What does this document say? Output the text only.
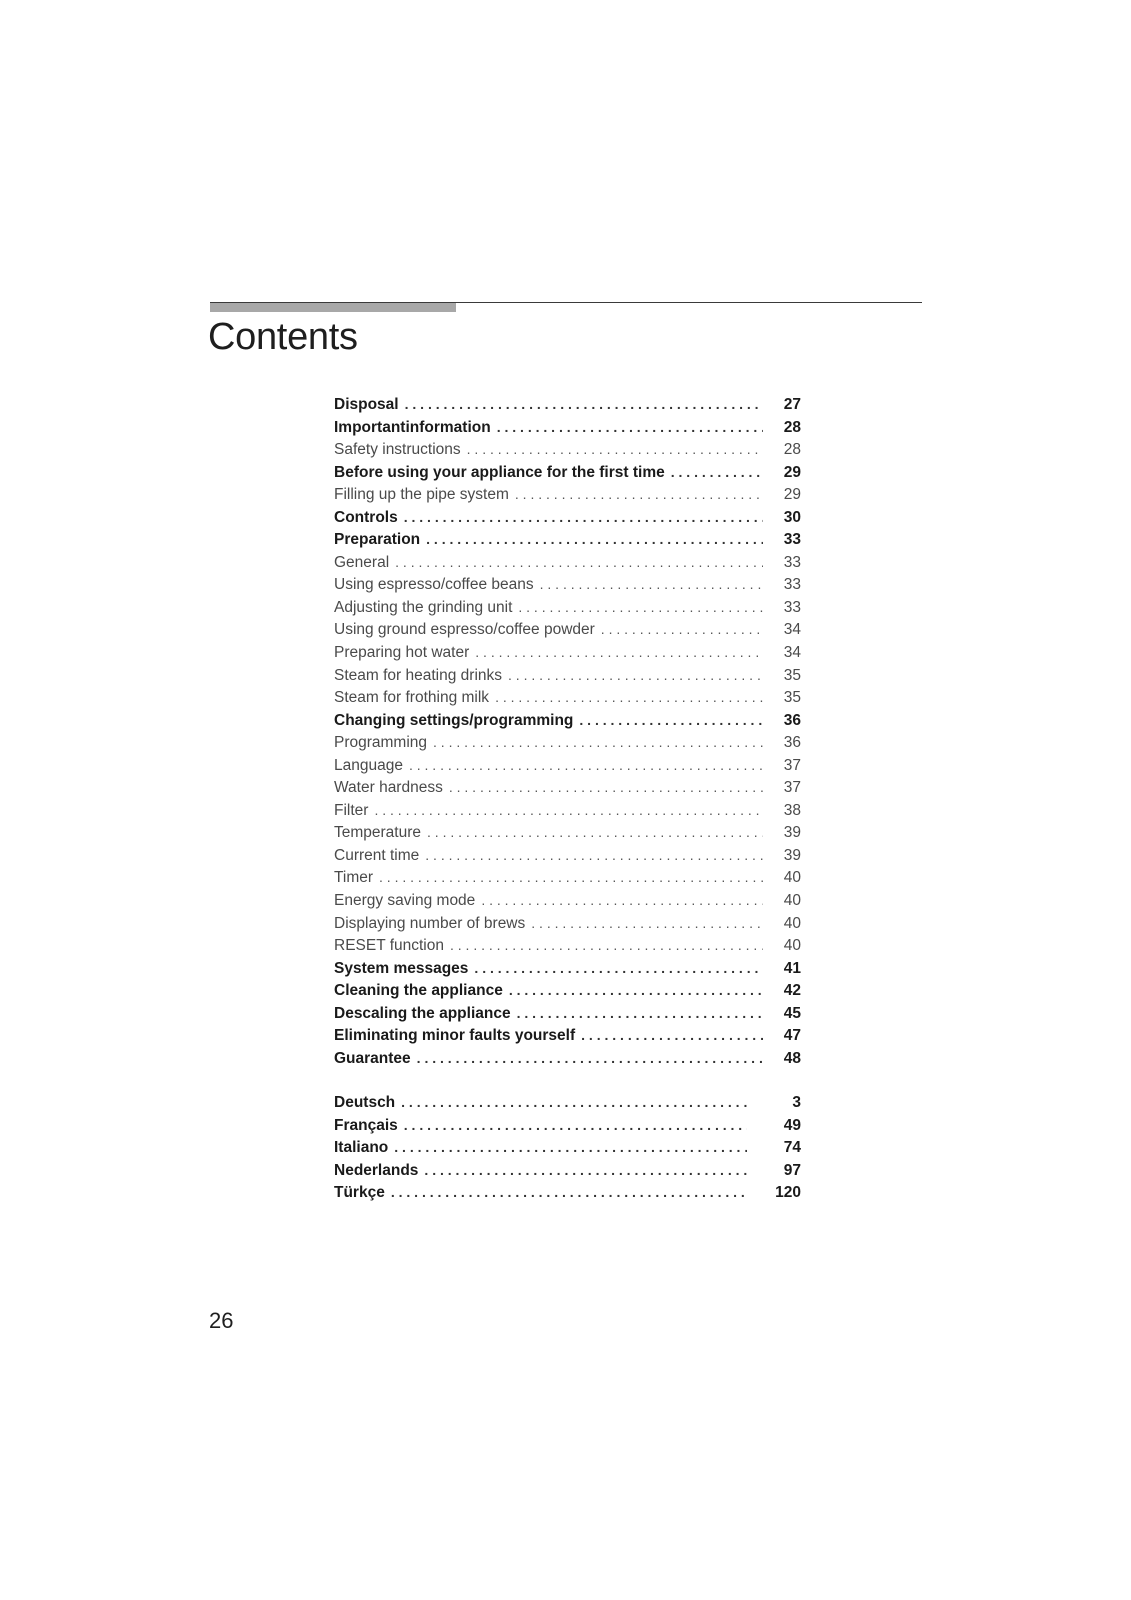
Contents
Disposal . . .	27
Importantinformation . . .	28
Safety instructions . . .	28
Before using your appliance for the first time . . .	29
Filling up the pipe system . . .	29
Controls . . .	30
Preparation . . .	33
General . . .	33
Using espresso/coffee beans . . .	33
Adjusting the grinding unit . . .	33
Using ground espresso/coffee powder . . .	34
Preparing hot water . . .	34
Steam for heating drinks . . .	35
Steam for frothing milk . . .	35
Changing settings/programming . . .	36
Programming . . .	36
Language . . .	37
Water hardness . . .	37
Filter . . .	38
Temperature . . .	39
Current time . . .	39
Timer . . .	40
Energy saving mode . . .	40
Displaying number of brews . . .	40
RESET function . . .	40
System messages . . .	41
Cleaning the appliance . . .	42
Descaling the appliance . . .	45
Eliminating minor faults yourself . . .	47
Guarantee . . .	48
Deutsch . . .	3
Français . . .	49
Italiano . . .	74
Nederlands . . .	97
Türkçe . . .	120
26
